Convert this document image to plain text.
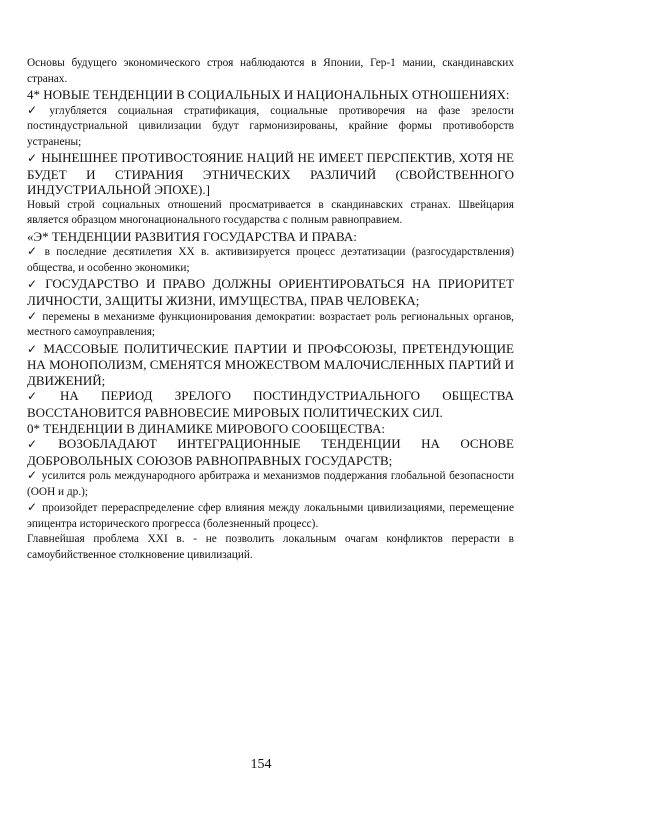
Основы будущего экономического строя наблюдаются в Японии, Гер-1 мании, скандинавских странах.

4* НОВЫЕ ТЕНДЕНЦИИ В СОЦИАЛЬНЫХ И НАЦИОНАЛЬНЫХ ОТНОШЕНИЯХ:

✓ углубляется социальная стратификация, социальные противоречия на фазе зрелости постиндустриальной цивилизации будут гармонизированы, крайние формы противоборств устранены;

✓ НЫНЕШНЕЕ ПРОТИВОСТОЯНИЕ НАЦИЙ НЕ ИМЕЕТ ПЕРСПЕКТИВ, ХОТЯ НЕ БУДЕТ И СТИРАНИЯ ЭТНИЧЕСКИХ РАЗЛИЧИЙ (СВОЙСТВЕННОГО ИНДУСТРИАЛЬНОЙ ЭПОХЕ).]

Новый строй социальных отношений просматривается в скандинавских странах. Швейцария является образцом многонационального государства с полным равноправием.

«Э* ТЕНДЕНЦИИ РАЗВИТИЯ ГОСУДАРСТВА И ПРАВА:

✓ в последние десятилетия XX в. активизируется процесс деэтатизации (разгосударствления) общества, и особенно экономики;

✓ ГОСУДАРСТВО И ПРАВО ДОЛЖНЫ ОРИЕНТИРОВАТЬСЯ НА ПРИОРИТЕТ ЛИЧНОСТИ, ЗАЩИТЫ ЖИЗНИ, ИМУЩЕСТВА, ПРАВ ЧЕЛОВЕКА;

✓ перемены в механизме функционирования демократии: возрастает роль региональных органов, местного самоуправления;

✓ МАССОВЫЕ ПОЛИТИЧЕСКИЕ ПАРТИИ И ПРОФСОЮЗЫ, ПРЕТЕНДУЮЩИЕ НА МОНОПОЛИЗМ, СМЕНЯТСЯ МНОЖЕСТВОМ МАЛОЧИСЛЕННЫХ ПАРТИЙ И ДВИЖЕНИЙ;

✓ НА ПЕРИОД ЗРЕЛОГО ПОСТИНДУСТРИАЛЬНОГО ОБЩЕСТВА ВОССТАНОВИТСЯ РАВНОВЕСИЕ МИРОВЫХ ПОЛИТИЧЕСКИХ СИЛ.

0* ТЕНДЕНЦИИ В ДИНАМИКЕ МИРОВОГО СООБЩЕСТВА:

✓ ВОЗОБЛАДАЮТ ИНТЕГРАЦИОННЫЕ ТЕНДЕНЦИИ НА ОСНОВЕ ДОБРОВОЛЬНЫХ СОЮЗОВ РАВНОПРАВНЫХ ГОСУДАРСТВ;

✓ усилится роль международного арбитража и механизмов поддержания глобальной безопасности (ООН и др.);

✓ произойдет перераспределение сфер влияния между локальными цивилизациями, перемещение эпицентра исторического прогресса (болезненный процесс).

Главнейшая проблема XXI в. - не позволить локальным очагам конфликтов перерасти в самоубийственное столкновение цивилизаций.

154
